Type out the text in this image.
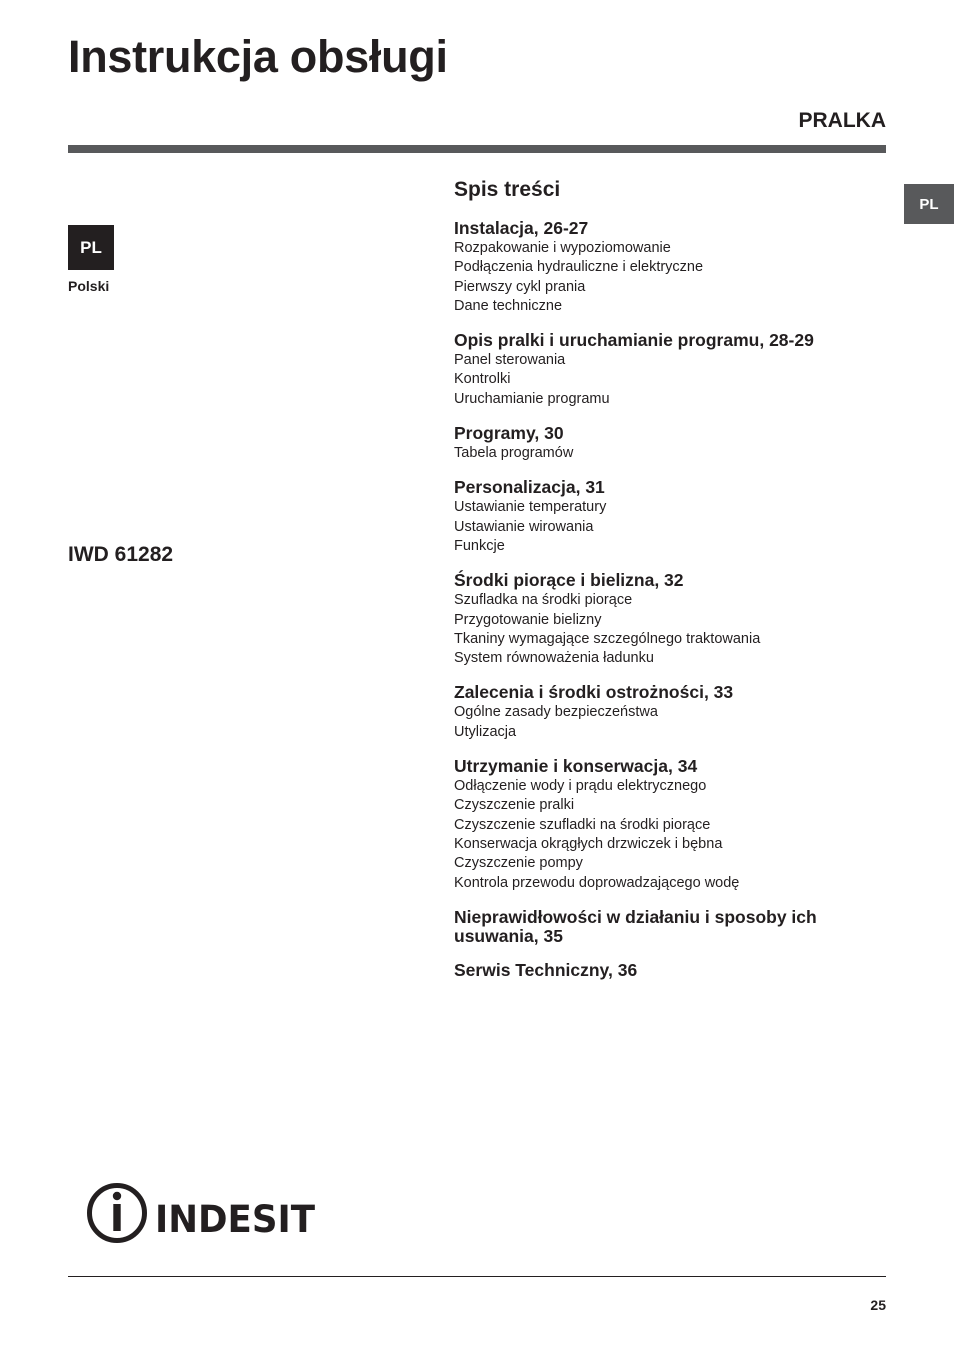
Instrukcja obsługi
PRALKA
PL
PL
Polski
IWD 61282
Spis treści
Instalacja, 26-27
Rozpakowanie i wypoziomowanie
Podłączenia hydrauliczne i elektryczne
Pierwszy cykl prania
Dane techniczne
Opis pralki i uruchamianie programu, 28-29
Panel sterowania
Kontrolki
Uruchamianie programu
Programy, 30
Tabela programów
Personalizacja, 31
Ustawianie temperatury
Ustawianie wirowania
Funkcje
Środki piorące i bielizna, 32
Szufladka na środki piorące
Przygotowanie bielizny
Tkaniny wymagające szczególnego traktowania
System równoważenia ładunku
Zalecenia i środki ostrożności, 33
Ogólne zasady bezpieczeństwa
Utylizacja
Utrzymanie i konserwacja, 34
Odłączenie wody i prądu elektrycznego
Czyszczenie pralki
Czyszczenie szufladki na środki piorące
Konserwacja okrągłych drzwiczek i bębna
Czyszczenie pompy
Kontrola przewodu doprowadzającego wodę
Nieprawidłowości w działaniu i sposoby ich usuwania, 35
Serwis Techniczny, 36
INDESIT
25
